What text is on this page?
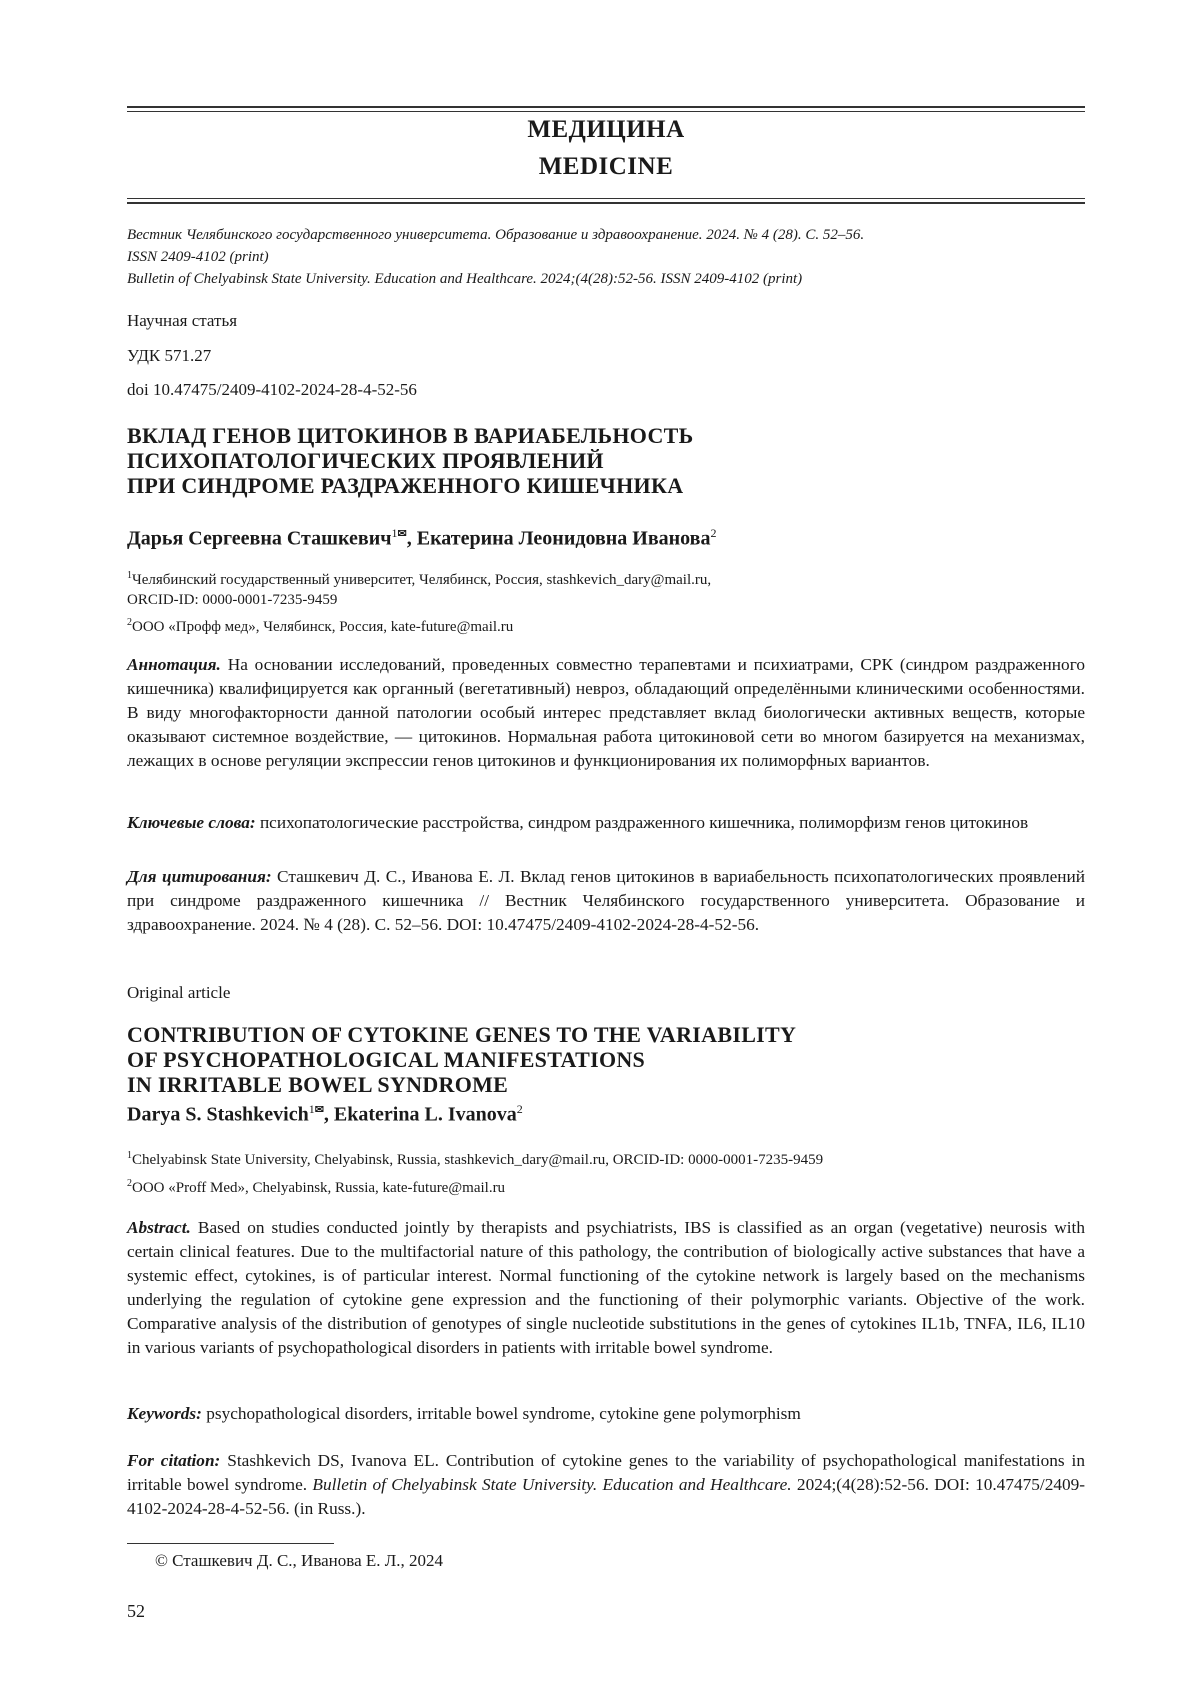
МЕДИЦИНА
MEDICINE
Вестник Челябинского государственного университета. Образование и здравоохранение. 2024. № 4 (28). С. 52–56.
ISSN 2409-4102 (print)
Bulletin of Chelyabinsk State University. Education and Healthcare. 2024;(4(28):52-56. ISSN 2409-4102 (print)
Научная статья
УДК 571.27
doi 10.47475/2409-4102-2024-28-4-52-56
ВКЛАД ГЕНОВ ЦИТОКИНОВ В ВАРИАБЕЛЬНОСТЬ
ПСИХОПАТОЛОГИЧЕСКИХ ПРОЯВЛЕНИЙ
ПРИ СИНДРОМЕ РАЗДРАЖЕННОГО КИШЕЧНИКА
Дарья Сергеевна Сташкевич$^{1✉}$, Екатерина Леонидовна Иванова$^2$
$^1$Челябинский государственный университет, Челябинск, Россия, stashkevich_dary@mail.ru,
ORCID-ID: 0000-0001-7235-9459
$^2$ООО «Профф мед», Челябинск, Россия, kate-future@mail.ru
Аннотация. На основании исследований, проведенных совместно терапевтами и психиатрами, СРК (синдром раздраженного кишечника) квалифицируется как органный (вегетативный) невроз, обладающий определёнными клиническими особенностями. В виду многофакторности данной патологии особый интерес представляет вклад биологически активных веществ, которые оказывают системное воздействие, — цитокинов. Нормальная работа цитокиновой сети во многом базируется на механизмах, лежащих в основе регуляции экспрессии генов цитокинов и функционирования их полиморфных вариантов.
Ключевые слова: психопатологические расстройства, синдром раздраженного кишечника, полиморфизм генов цитокинов
Для цитирования: Сташкевич Д. С., Иванова Е. Л. Вклад генов цитокинов в вариабельность психопатологических проявлений при синдроме раздраженного кишечника // Вестник Челябинского государственного университета. Образование и здравоохранение. 2024. № 4 (28). С. 52–56. DOI: 10.47475/2409-4102-2024-28-4-52-56.
Original article
CONTRIBUTION OF CYTOKINE GENES TO THE VARIABILITY
OF PSYCHOPATHOLOGICAL MANIFESTATIONS
IN IRRITABLE BOWEL SYNDROME
Darya S. Stashkevich$^{1✉}$, Ekaterina L. Ivanova$^2$
$^1$Chelyabinsk State University, Chelyabinsk, Russia, stashkevich_dary@mail.ru, ORCID-ID: 0000-0001-7235-9459
$^2$OOO «Proff Med», Chelyabinsk, Russia, kate-future@mail.ru
Abstract. Based on studies conducted jointly by therapists and psychiatrists, IBS is classified as an organ (vegetative) neurosis with certain clinical features. Due to the multifactorial nature of this pathology, the contribution of biologically active substances that have a systemic effect, cytokines, is of particular interest. Normal functioning of the cytokine network is largely based on the mechanisms underlying the regulation of cytokine gene expression and the functioning of their polymorphic variants. Objective of the work. Comparative analysis of the distribution of genotypes of single nucleotide substitutions in the genes of cytokines IL1b, TNFA, IL6, IL10 in various variants of psychopathological disorders in patients with irritable bowel syndrome.
Keywords: psychopathological disorders, irritable bowel syndrome, cytokine gene polymorphism
For citation: Stashkevich DS, Ivanova EL. Contribution of cytokine genes to the variability of psychopathological manifestations in irritable bowel syndrome. Bulletin of Chelyabinsk State University. Education and Healthcare. 2024;(4(28):52-56. DOI: 10.47475/2409-4102-2024-28-4-52-56. (in Russ.).
© Сташкевич Д. С., Иванова Е. Л., 2024
52
